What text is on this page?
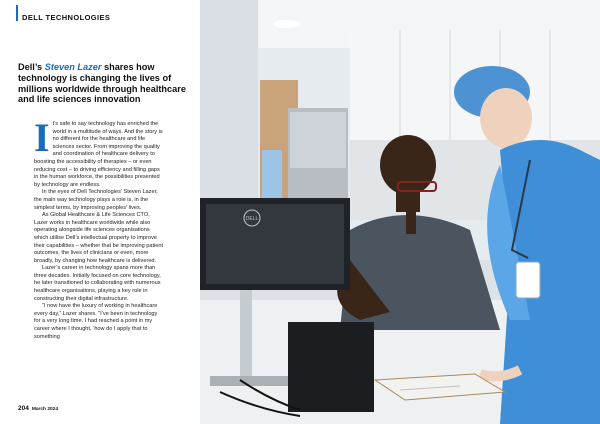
DELL TECHNOLOGIES
Dell’s Steven Lazer shares how technology is changing the lives of millions worldwide through healthcare and life sciences innovation
I t’s safe to say technology has enriched the world in a multitude of ways. And the story is no different for the healthcare and life sciences sector. From improving the quality and coordination of healthcare delivery to boosting the accessibility of therapies – or even reducing cost – to driving efficiency and filling gaps in the human workforce, the possibilities presented by technology are endless.

In the eyes of Dell Technologies’ Steven Lazer, the main way technology plays a role is, in the simplest terms, by improving peoples’ lives.

As Global Healthcare & Life Sciences CTO, Lazer works in healthcare worldwide while also operating alongside life sciences organisations which utilise Dell’s intellectual property to improve their capabilities – whether that be improving patient outcomes, the lives of clinicians or even, more broadly, by changing how healthcare is delivered.

Lazer’s career in technology spans more than three decades. Initially focused on core technology, he later transitioned to collaborating with numerous healthcare organisations, playing a key role in constructing their digital infrastructure.

“I now have the luxury of working in healthcare every day,” Lazer shares. “I’ve been in technology for a very long time. I had reached a point in my career where I thought, ‘how do I apply that to something

204 March 2024
DELL
